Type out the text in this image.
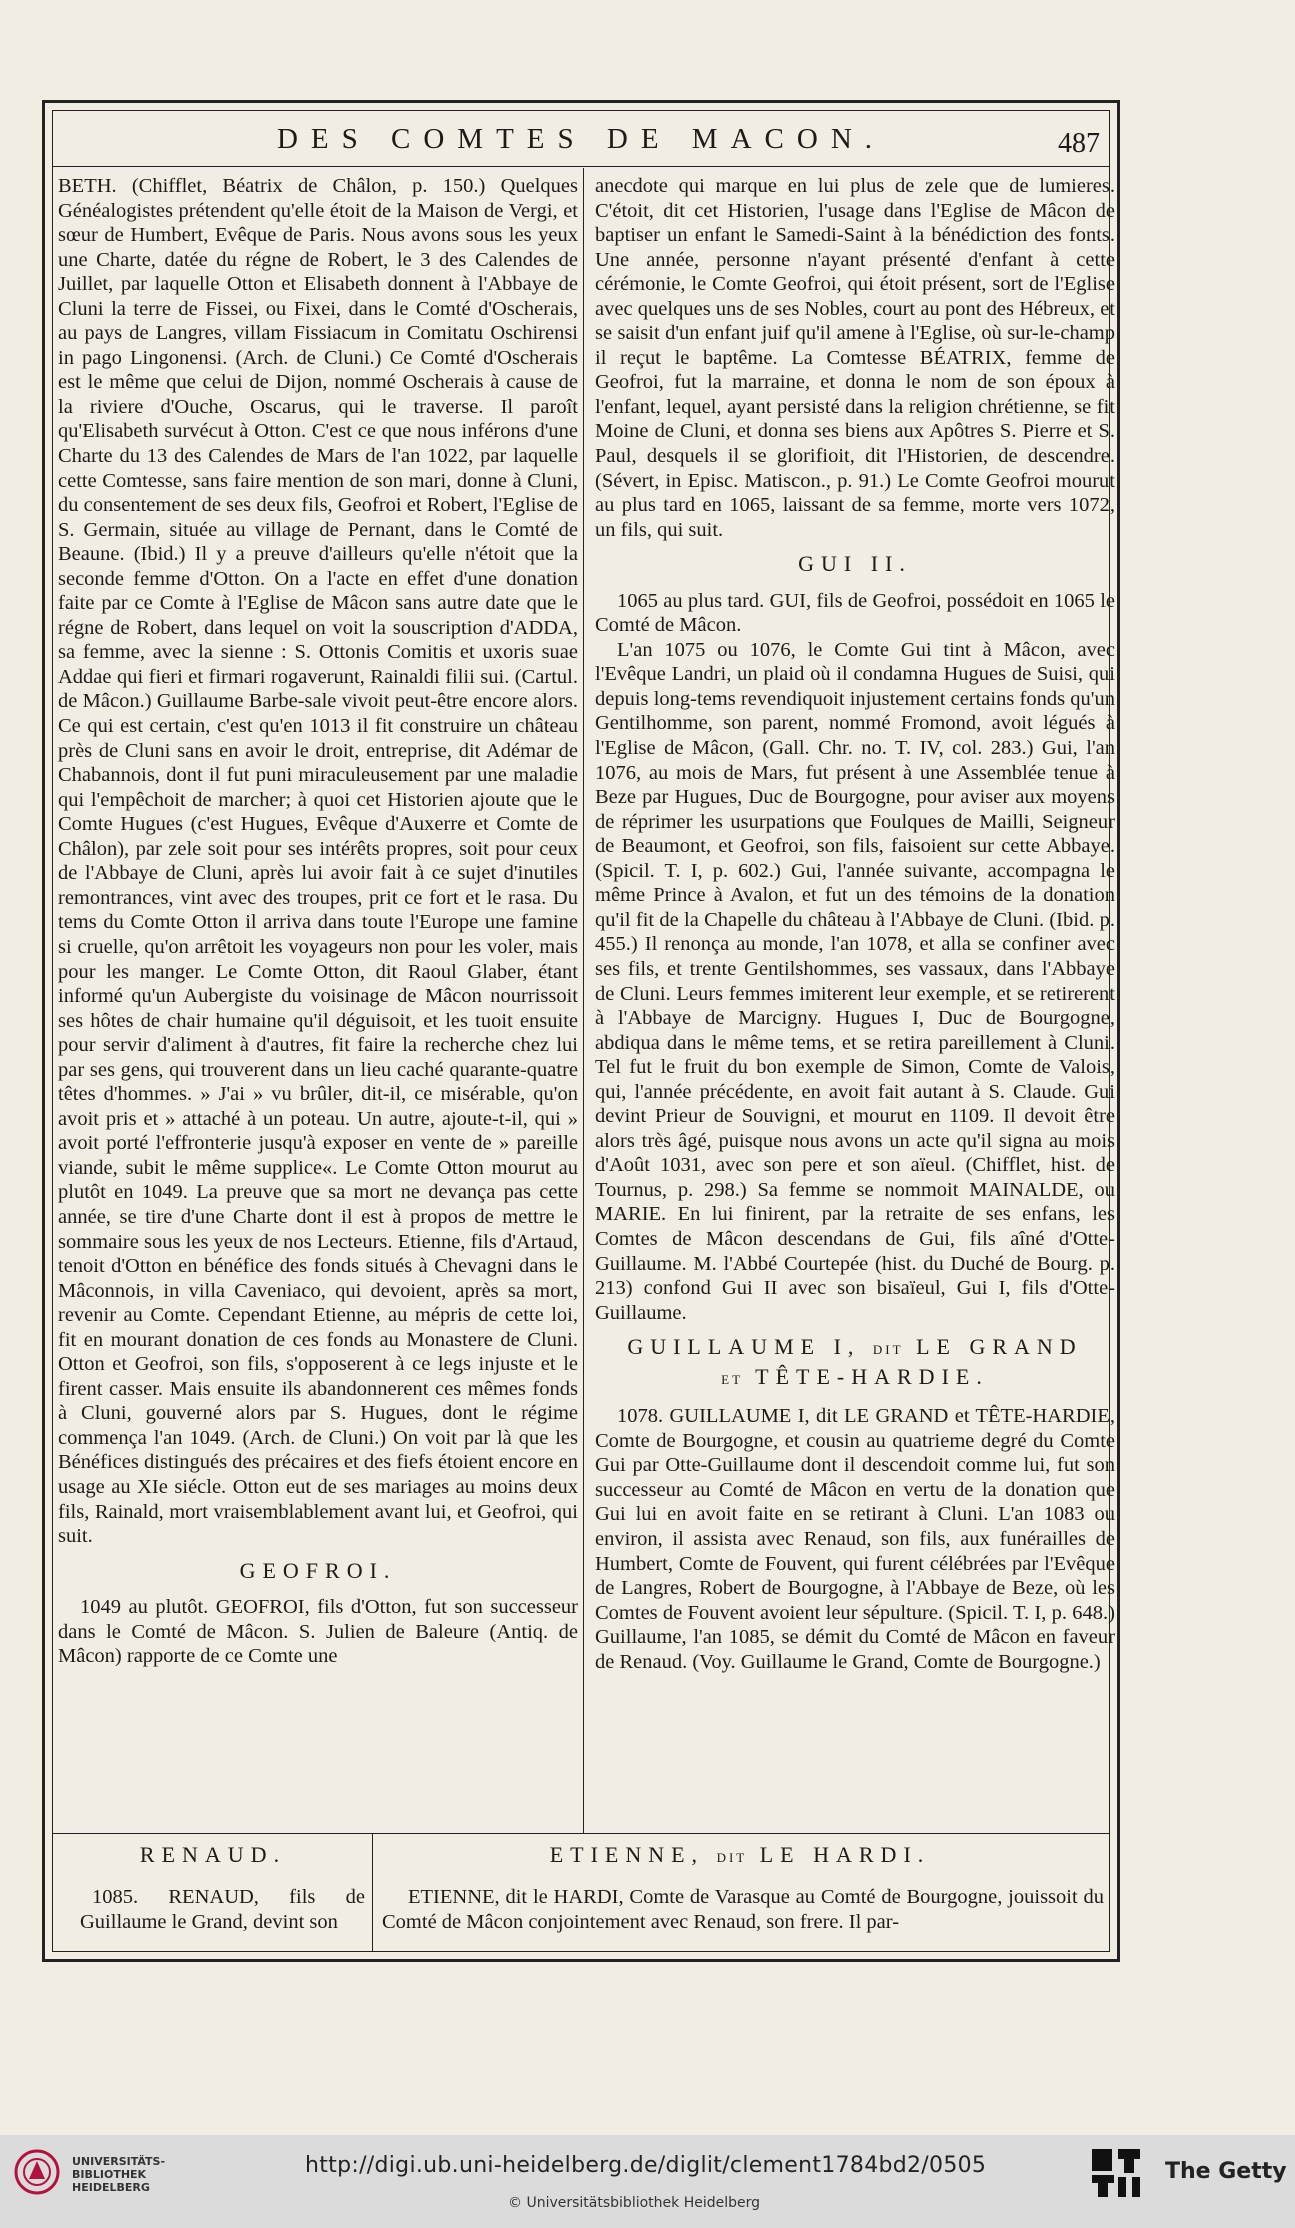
DES COMTES DE MACON.	487

BETH. (Chifflet, Béatrix de Châlon, p. 150.) Quelques Généalogistes prétendent qu'elle étoit de la Maison de Vergi, et sœur de Humbert, Evêque de Paris. Nous avons sous les yeux une Charte, datée du régne de Robert, le 3 des Calendes de Juillet, par laquelle Otton et Elisabeth donnent à l'Abbaye de Cluni la terre de Fissei, ou Fixei, dans le Comté d'Oscherais, au pays de Langres, villam Fissiacum in Comitatu Oschirensi in pago Lingonensi. (Arch. de Cluni.) Ce Comté d'Oscherais est le même que celui de Dijon, nommé Oscherais à cause de la riviere d'Ouche, Oscarus, qui le traverse. Il paroît qu'Elisabeth survécut à Otton. C'est ce que nous inférons d'une Charte du 13 des Calendes de Mars de l'an 1022, par laquelle cette Comtesse, sans faire mention de son mari, donne à Cluni, du consentement de ses deux fils, Geofroi et Robert, l'Eglise de S. Germain, située au village de Pernant, dans le Comté de Beaune. (Ibid.) Il y a preuve d'ailleurs qu'elle n'étoit que la seconde femme d'Otton. On a l'acte en effet d'une donation faite par ce Comte à l'Eglise de Mâcon sans autre date que le régne de Robert, dans lequel on voit la souscription d'ADDA, sa femme, avec la sienne : S. Ottonis Comitis et uxoris suae Addae qui fieri et firmari rogaverunt, Rainaldi filii sui. (Cartul. de Mâcon.) Guillaume Barbe-sale vivoit peut-être encore alors. Ce qui est certain, c'est qu'en 1013 il fit construire un château près de Cluni sans en avoir le droit, entreprise, dit Adémar de Chabannois, dont il fut puni miraculeusement par une maladie qui l'empêchoit de marcher; à quoi cet Historien ajoute que le Comte Hugues (c'est Hugues, Evêque d'Auxerre et Comte de Châlon), par zele soit pour ses intérêts propres, soit pour ceux de l'Abbaye de Cluni, après lui avoir fait à ce sujet d'inutiles remontrances, vint avec des troupes, prit ce fort et le rasa. Du tems du Comte Otton il arriva dans toute l'Europe une famine si cruelle, qu'on arrêtoit les voyageurs non pour les voler, mais pour les manger. Le Comte Otton, dit Raoul Glaber, étant informé qu'un Aubergiste du voisinage de Mâcon nourrissoit ses hôtes de chair humaine qu'il déguisoit, et les tuoit ensuite pour servir d'aliment à d'autres, fit faire la recherche chez lui par ses gens, qui trouverent dans un lieu caché quarante-quatre têtes d'hommes. » J'ai » vu brûler, dit-il, ce misérable, qu'on avoit pris et » attaché à un poteau. Un autre, ajoute-t-il, qui » avoit porté l'effronterie jusqu'à exposer en vente de » pareille viande, subit le même supplice«. Le Comte Otton mourut au plutôt en 1049. La preuve que sa mort ne devança pas cette année, se tire d'une Charte dont il est à propos de mettre le sommaire sous les yeux de nos Lecteurs. Etienne, fils d'Artaud, tenoit d'Otton en bénéfice des fonds situés à Chevagni dans le Mâconnois, in villa Caveniaco, qui devoient, après sa mort, revenir au Comte. Cependant Etienne, au mépris de cette loi, fit en mourant donation de ces fonds au Monastere de Cluni. Otton et Geofroi, son fils, s'opposerent à ce legs injuste et le firent casser. Mais ensuite ils abandonnerent ces mêmes fonds à Cluni, gouverné alors par S. Hugues, dont le régime commença l'an 1049. (Arch. de Cluni.) On voit par là que les Bénéfices distingués des précaires et des fiefs étoient encore en usage au XIe siécle. Otton eut de ses mariages au moins deux fils, Rainald, mort vraisemblablement avant lui, et Geofroi, qui suit.

GEOFROI.

1049 au plutôt. GEOFROI, fils d'Otton, fut son successeur dans le Comté de Mâcon. S. Julien de Baleure (Antiq. de Mâcon) rapporte de ce Comte une

anecdote qui marque en lui plus de zele que de lumieres. C'étoit, dit cet Historien, l'usage dans l'Eglise de Mâcon de baptiser un enfant le Samedi-Saint à la bénédiction des fonts. Une année, personne n'ayant présenté d'enfant à cette cérémonie, le Comte Geofroi, qui étoit présent, sort de l'Eglise avec quelques uns de ses Nobles, court au pont des Hébreux, et se saisit d'un enfant juif qu'il amene à l'Eglise, où sur-le-champ il reçut le baptême. La Comtesse BÉATRIX, femme de Geofroi, fut la marraine, et donna le nom de son époux à l'enfant, lequel, ayant persisté dans la religion chrétienne, se fit Moine de Cluni, et donna ses biens aux Apôtres S. Pierre et S. Paul, desquels il se glorifioit, dit l'Historien, de descendre. (Sévert, in Episc. Matiscon., p. 91.) Le Comte Geofroi mourut au plus tard en 1065, laissant de sa femme, morte vers 1072, un fils, qui suit.

GUI II.

1065 au plus tard. GUI, fils de Geofroi, possédoit en 1065 le Comté de Mâcon.

L'an 1075 ou 1076, le Comte Gui tint à Mâcon, avec l'Evêque Landri, un plaid où il condamna Hugues de Suisi, qui depuis long-tems revendiquoit injustement certains fonds qu'un Gentilhomme, son parent, nommé Fromond, avoit légués à l'Eglise de Mâcon, (Gall. Chr. no. T. IV, col. 283.) Gui, l'an 1076, au mois de Mars, fut présent à une Assemblée tenue à Beze par Hugues, Duc de Bourgogne, pour aviser aux moyens de réprimer les usurpations que Foulques de Mailli, Seigneur de Beaumont, et Geofroi, son fils, faisoient sur cette Abbaye. (Spicil. T. I, p. 602.) Gui, l'année suivante, accompagna le même Prince à Avalon, et fut un des témoins de la donation qu'il fit de la Chapelle du château à l'Abbaye de Cluni. (Ibid. p. 455.) Il renonça au monde, l'an 1078, et alla se confiner avec ses fils, et trente Gentilshommes, ses vassaux, dans l'Abbaye de Cluni. Leurs femmes imiterent leur exemple, et se retirerent à l'Abbaye de Marcigny. Hugues I, Duc de Bourgogne, abdiqua dans le même tems, et se retira pareillement à Cluni. Tel fut le fruit du bon exemple de Simon, Comte de Valois, qui, l'année précédente, en avoit fait autant à S. Claude. Gui devint Prieur de Souvigni, et mourut en 1109. Il devoit être alors très âgé, puisque nous avons un acte qu'il signa au mois d'Août 1031, avec son pere et son aïeul. (Chifflet, hist. de Tournus, p. 298.) Sa femme se nommoit MAINALDE, ou MARIE. En lui finirent, par la retraite de ses enfans, les Comtes de Mâcon descendans de Gui, fils aîné d'Otte-Guillaume. M. l'Abbé Courtepée (hist. du Duché de Bourg. p. 213) confond Gui II avec son bisaïeul, Gui I, fils d'Otte-Guillaume.

GUILLAUME I, DIT LE GRAND
ET TÊTE-HARDIE.

1078. GUILLAUME I, dit LE GRAND et TÊTE-HARDIE, Comte de Bourgogne, et cousin au quatrieme degré du Comte Gui par Otte-Guillaume dont il descendoit comme lui, fut son successeur au Comté de Mâcon en vertu de la donation que Gui lui en avoit faite en se retirant à Cluni. L'an 1083 ou environ, il assista avec Renaud, son fils, aux funérailles de Humbert, Comte de Fouvent, qui furent célébrées par l'Evêque de Langres, Robert de Bourgogne, à l'Abbaye de Beze, où les Comtes de Fouvent avoient leur sépulture. (Spicil. T. I, p. 648.) Guillaume, l'an 1085, se démit du Comté de Mâcon en faveur de Renaud. (Voy. Guillaume le Grand, Comte de Bourgogne.)

RENAUD.	ETIENNE, DIT LE HARDI.
1085. RENAUD, fils de Guillaume le Grand, devint son
ETIENNE, dit le HARDI, Comte de Varasque au Comté de Bourgogne, jouissoit du Comté de Mâcon conjointement avec Renaud, son frere. Il par-
UNIVERSITÄTS-
BIBLIOTHEK
HEIDELBERG
http://digi.ub.uni-heidelberg.de/diglit/clement1784bd2/0505
© Universitätsbibliothek Heidelberg
The Getty
